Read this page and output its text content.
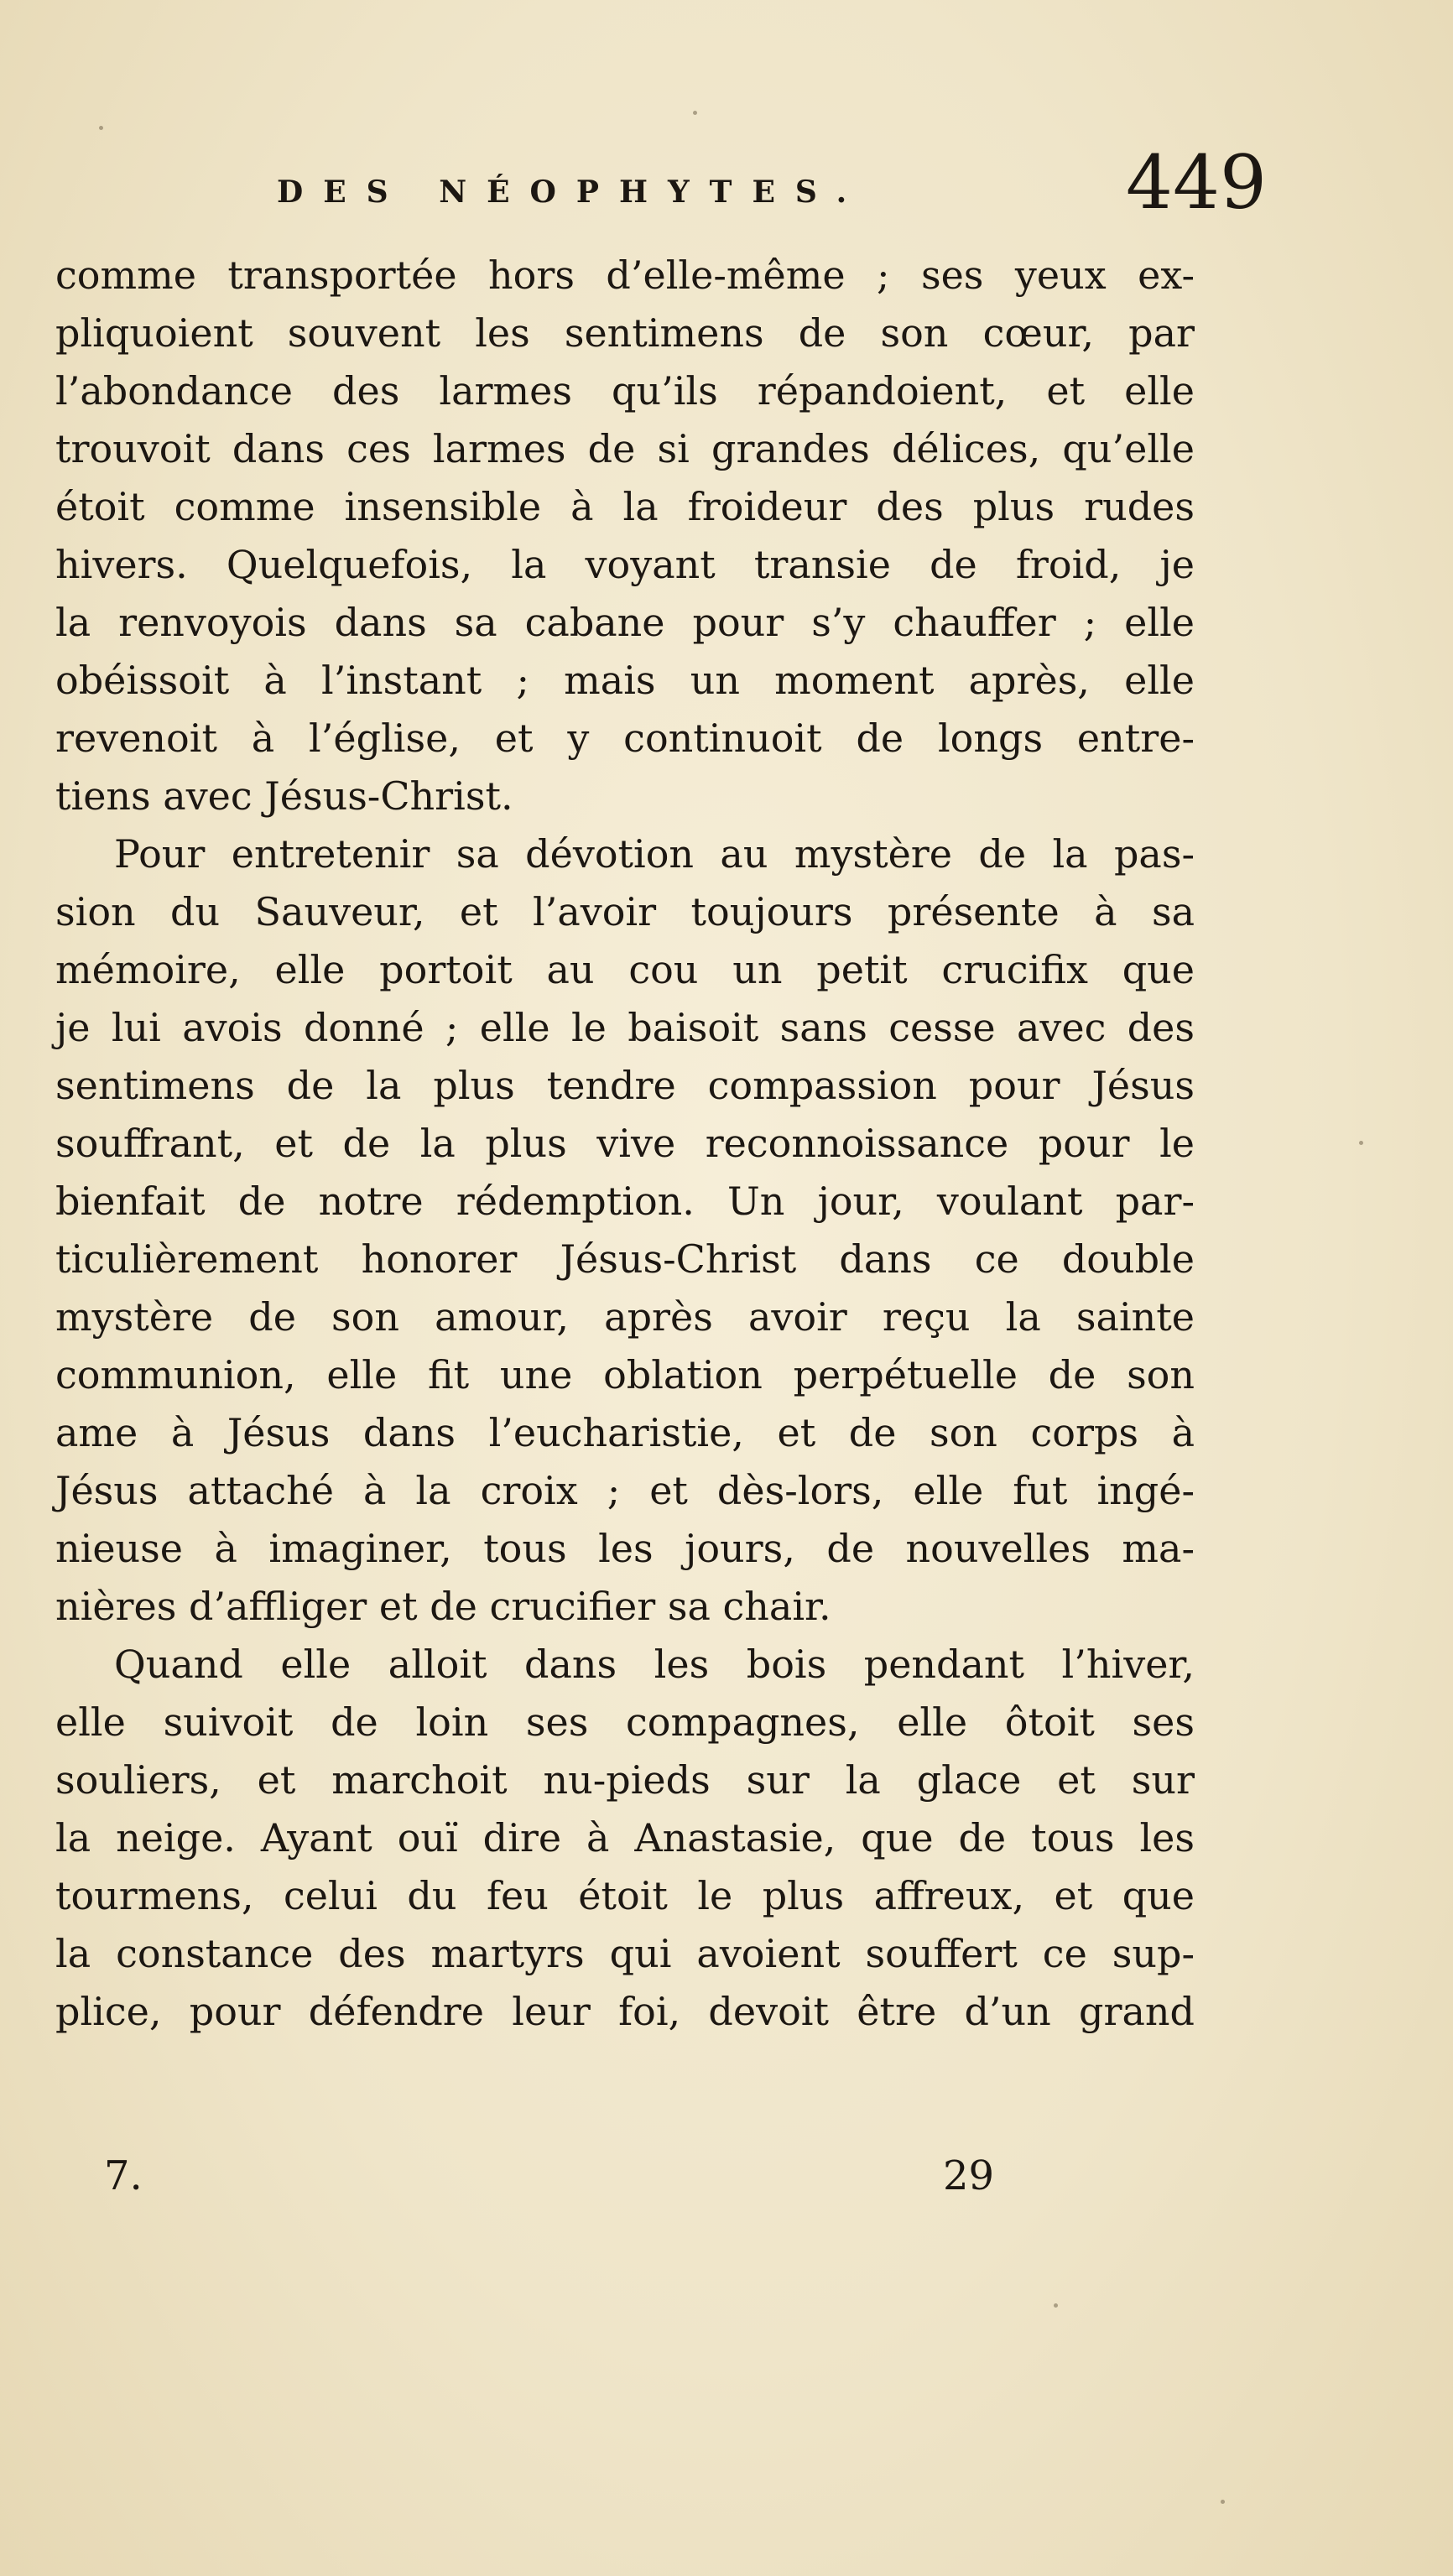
DES NÉOPHYTES.	449
comme transportée hors d’elle-même ; ses yeux ex-
pliquoient souvent les sentimens de son cœur, par
l’abondance des larmes qu’ils répandoient, et elle
trouvoit dans ces larmes de si grandes délices, qu’elle
étoit comme insensible à la froideur des plus rudes
hivers. Quelquefois, la voyant transie de froid, je
la renvoyois dans sa cabane pour s’y chauffer ; elle
obéissoit à l’instant ; mais un moment après, elle
revenoit à l’église, et y continuoit de longs entre-
tiens avec Jésus-Christ.
Pour entretenir sa dévotion au mystère de la pas-
sion du Sauveur, et l’avoir toujours présente à sa
mémoire, elle portoit au cou un petit crucifix que
je lui avois donné ; elle le baisoit sans cesse avec des
sentimens de la plus tendre compassion pour Jésus
souffrant, et de la plus vive reconnoissance pour le
bienfait de notre rédemption. Un jour, voulant par-
ticulièrement honorer Jésus-Christ dans ce double
mystère de son amour, après avoir reçu la sainte
communion, elle fit une oblation perpétuelle de son
ame à Jésus dans l’eucharistie, et de son corps à
Jésus attaché à la croix ; et dès-lors, elle fut ingé-
nieuse à imaginer, tous les jours, de nouvelles ma-
nières d’affliger et de crucifier sa chair.
Quand elle alloit dans les bois pendant l’hiver,
elle suivoit de loin ses compagnes, elle ôtoit ses
souliers, et marchoit nu-pieds sur la glace et sur
la neige. Ayant ouï dire à Anastasie, que de tous les
tourmens, celui du feu étoit le plus affreux, et que
la constance des martyrs qui avoient souffert ce sup-
plice, pour défendre leur foi, devoit être d’un grand
7.	29
